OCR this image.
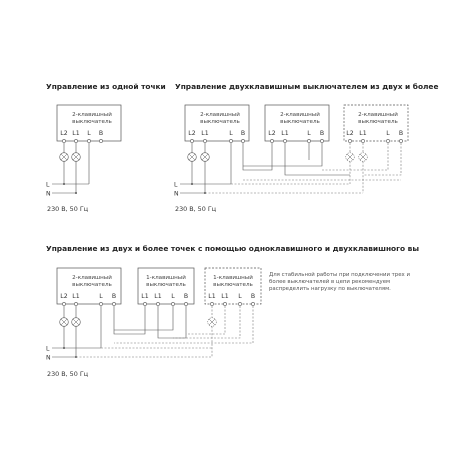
Управление из одной точки Управление двухклавишным выключателем из двух и более
Управление из двух и более точек с помощью одноклавишного и двухклавишного вы
2-клавишный
выключатель
L2 L1 L B
L
N
230 В, 50 Гц
2-клавишный
выключатель
L2 L1	L B
2-клавишный
выключатель
L2 L1	L B
2-клавишный
выключатель
L2 L1	L B
L
N
230 В, 50 Гц
2-клавишный
выключатель
L2 L1	L B
1-клавишный
выключатель
L1 L1 L B
1-клавишный
выключатель
L1 L1 L B
L
N
230 В, 50 Гц
Для стабильной работы при подключении трех и
более выключателей в цепи рекомендуем
распределить нагрузку по выключателям.
